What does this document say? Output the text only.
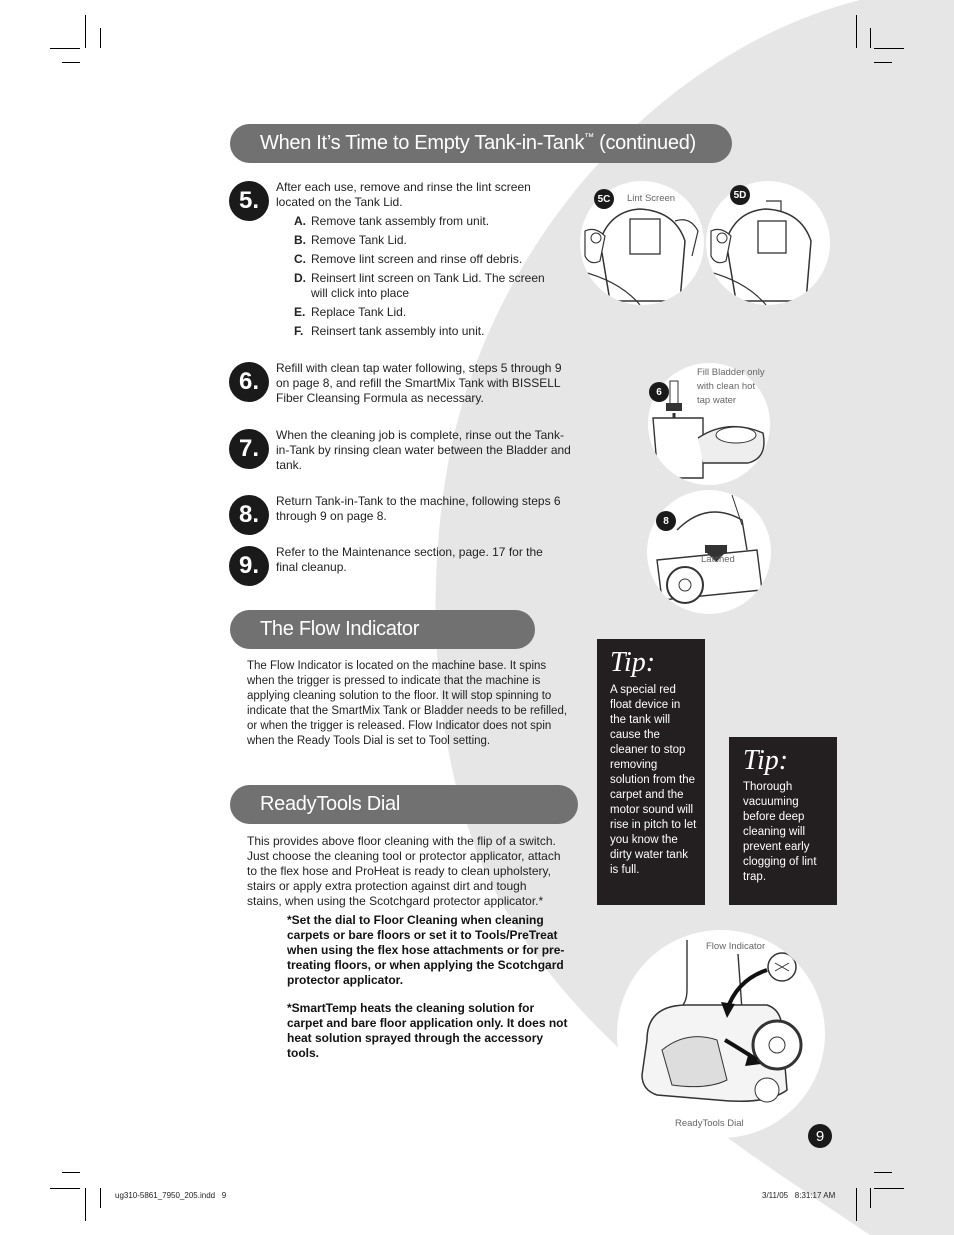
When It’s Time to Empty Tank-in-Tank™ (continued)
5.	After each use, remove and rinse the lint screen located on the Tank Lid.
A. Remove tank assembly from unit.
B. Remove Tank Lid.
C. Remove lint screen and rinse off debris.
D. Reinsert lint screen on Tank Lid. The screen will click into place
E. Replace Tank Lid.
F. Reinsert tank assembly into unit.
5C	Lint Screen	5D
6.	Refill with clean tap water following, steps 5 through 9 on page 8, and refill the SmartMix Tank with BISSELL Fiber Cleansing Formula as necessary.	6
Fill Bladder only with clean hot tap water
7.	When the cleaning job is complete, rinse out the Tank-in-Tank by rinsing clean water between the Bladder and tank.
8.	Return Tank-in-Tank to the machine, following steps 6 through 9 on page 8.	8
Latched
9.	Refer to the Maintenance section, page. 17 for the final cleanup.
The Flow Indicator
The Flow Indicator is located on the machine base. It spins when the trigger is pressed to indicate that the machine is applying cleaning solution to the floor. It will stop spinning to indicate that the SmartMix Tank or Bladder needs to be refilled, or when the trigger is released. Flow Indicator does not spin when the Ready Tools Dial is set to Tool setting.
ReadyTools Dial
This provides above floor cleaning with the flip of a switch. Just choose the cleaning tool or protector applicator, attach to the flex hose and ProHeat is ready to clean upholstery, stairs or apply extra protection against dirt and tough stains, when using the Scotchgard protector applicator.*
*Set the dial to Floor Cleaning when cleaning carpets or bare floors or set it to Tools/PreTreat when using the flex hose attachments or for pre-treating floors, or when applying the Scotchgard protector applicator.
*SmartTemp heats the cleaning solution for carpet and bare floor application only. It does not heat solution sprayed through the accessory tools.
Tip:
A special red float device in the tank will cause the cleaner to stop removing solution from the carpet and the motor sound will rise in pitch to let you know the dirty water tank is full.
Tip:
Thorough vacuuming before deep cleaning will prevent early clogging of lint trap.
Flow Indicator
ReadyTools Dial
9
ug310-5861_7950_205.indd   9	3/11/05   8:31:17 AM
